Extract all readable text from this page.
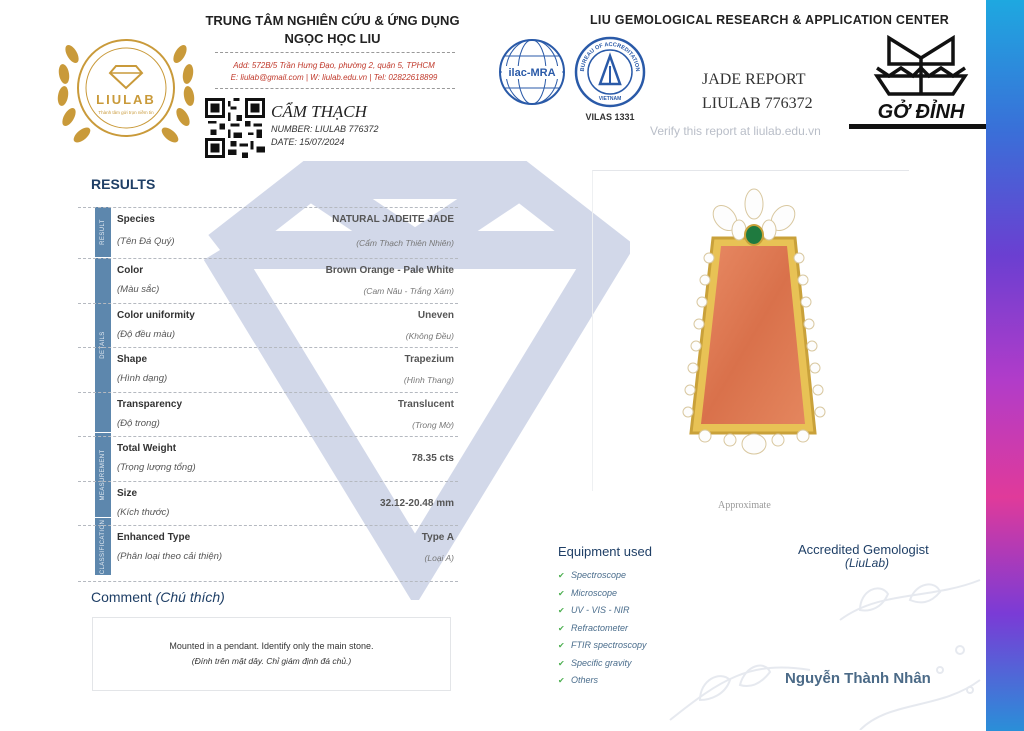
LIULAB
Thành tâm gửi trọn niềm tin
TRUNG TÂM NGHIÊN CỨU & ỨNG DỤNG
NGỌC HỌC LIU
Add: 572B/5 Trần Hưng Đạo, phường 2, quận 5, TPHCM
E: liulab@gmail.com | W: liulab.edu.vn | Tel: 02822618899
CẨM THẠCH
NUMBER: LIULAB 776372
DATE: 15/07/2024
LIU GEMOLOGICAL RESEARCH & APPLICATION CENTER
ilac-MRA	BUREAU OF ACCREDITATION
VIETNAM
VILAS 1331
JADE REPORT
LIULAB 776372
Verify this report at liulab.edu.vn
GỞ ĐỈNH
RESULTS
RESULT
DETAILS
MEASUREMENT
CLASSIFICATION
Species
(Tên Đá Quý)
NATURAL JADEITE JADE
(Cẩm Thạch Thiên Nhiên)
Color
(Màu sắc)
Brown Orange - Pale White
(Cam Nâu - Trắng Xám)
Color uniformity
(Độ đều màu)
Uneven
(Không Đều)
Shape
(Hình dạng)
Trapezium
(Hình Thang)
Transparency
(Độ trong)
Translucent
(Trong Mờ)
Total Weight
(Trọng lượng tổng)
78.35 cts
Size
(Kích thước)
32.12-20.48 mm
Enhanced Type
(Phân loại theo cải thiện)
Type A
(Loại A)
Comment (Chú thích)
Mounted in a pendant. Identify only the main stone.
(Đính trên mặt dây. Chỉ giám định đá chủ.)
Approximate
Equipment used
✔ Spectroscope
✔ Microscope
✔ UV - VIS - NIR
✔ Refractometer
✔ FTIR spectroscopy
✔ Specific gravity
✔ Others
Accredited Gemologist
(LiuLab)
Nguyễn Thành Nhân
